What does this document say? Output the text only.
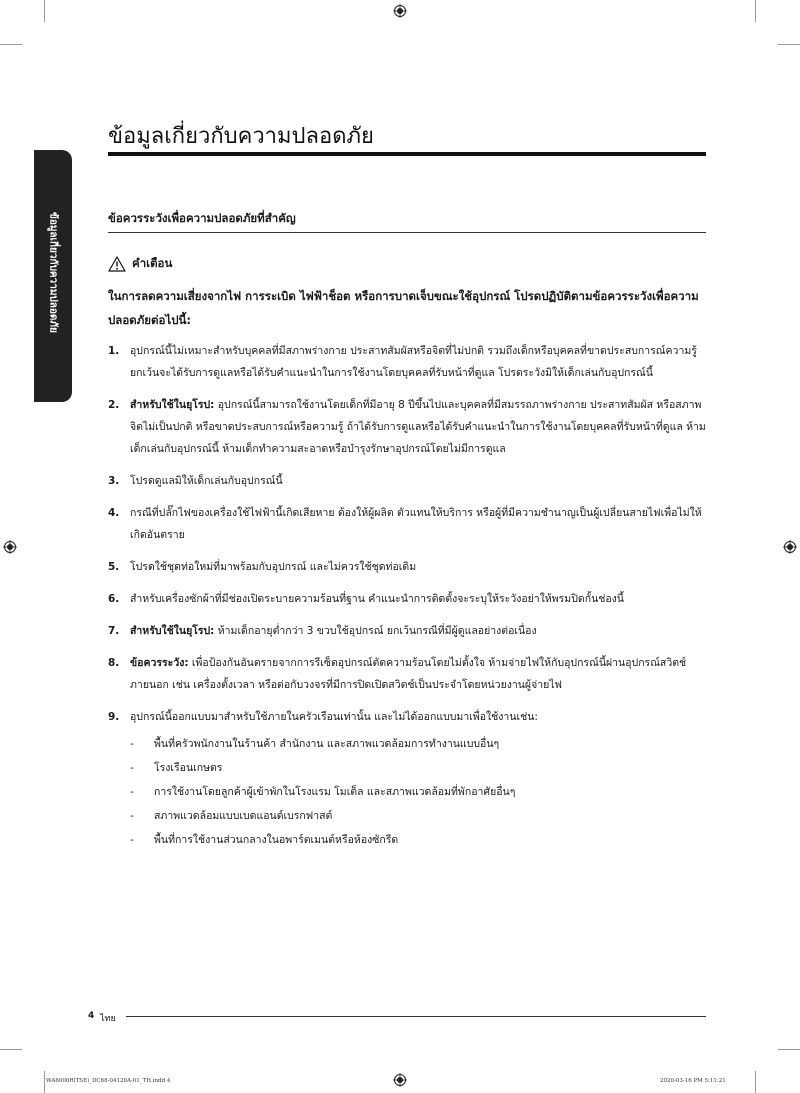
ข้อมูลเกี่ยวกับความปลอดภัย
ข้อมูลเกี่ยวกับความปลอดภัย
ข้อควรระวังเพื่อความปลอดภัยที่สำคัญ
คำเตือน

ในการลดความเสี่ยงจากไฟ การระเบิด ไฟฟ้าช็อต หรือการบาดเจ็บขณะใช้อุปกรณ์ โปรดปฏิบัติตามข้อควรระวังเพื่อความปลอดภัยต่อไปนี้:

1. อุปกรณ์นี้ไม่เหมาะสำหรับบุคคลที่มีสภาพร่างกาย ประสาทสัมผัสหรือจิตที่ไม่ปกติ รวมถึงเด็กหรือบุคคลที่ขาดประสบการณ์ความรู้ ยกเว้นจะได้รับการดูแลหรือได้รับคำแนะนำในการใช้งานโดยบุคคลที่รับหน้าที่ดูแล โปรดระวังมิให้เด็กเล่นกับอุปกรณ์นี้
2. สำหรับใช้ในยุโรป: อุปกรณ์นี้สามารถใช้งานโดยเด็กที่มีอายุ 8 ปีขึ้นไปและบุคคลที่มีสมรรถภาพร่างกาย ประสาทสัมผัส หรือสภาพจิตไม่เป็นปกติ หรือขาดประสบการณ์หรือความรู้ ถ้าได้รับการดูแลหรือได้รับคำแนะนำในการใช้งานโดยบุคคลที่รับหน้าที่ดูแล ห้ามเด็กเล่นกับอุปกรณ์นี้ ห้ามเด็กทำความสะอาดหรือบำรุงรักษาอุปกรณ์โดยไม่มีการดูแล
3. โปรดดูแลมิให้เด็กเล่นกับอุปกรณ์นี้
4. กรณีที่ปลั๊กไฟของเครื่องใช้ไฟฟ้านี้เกิดเสียหาย ต้องให้ผู้ผลิต ตัวแทนให้บริการ หรือผู้ที่มีความชำนาญเป็นผู้เปลี่ยนสายไฟเพื่อไม่ให้เกิดอันตราย
5. โปรดใช้ชุดท่อใหม่ที่มาพร้อมกับอุปกรณ์ และไม่ควรใช้ชุดท่อเดิม
6. สำหรับเครื่องซักผ้าที่มีช่องเปิดระบายความร้อนที่ฐาน คำแนะนำการติดตั้งจะระบุให้ระวังอย่าให้พรมปิดกั้นช่องนี้
7. สำหรับใช้ในยุโรป: ห้ามเด็กอายุต่ำกว่า 3 ขวบใช้อุปกรณ์ ยกเว้นกรณีที่มีผู้ดูแลอย่างต่อเนื่อง
8. ข้อควรระวัง: เพื่อป้องกันอันตรายจากการรีเซ็ตอุปกรณ์ตัดความร้อนโดยไม่ตั้งใจ ห้ามจ่ายไฟให้กับอุปกรณ์นี้ผ่านอุปกรณ์สวิตช์ภายนอก เช่น เครื่องตั้งเวลา หรือต่อกับวงจรที่มีการปิดเปิดสวิตช์เป็นประจำโดยหน่วยงานผู้จ่ายไฟ
9. อุปกรณ์นี้ออกแบบมาสำหรับใช้ภายในครัวเรือนเท่านั้น และไม่ได้ออกแบบมาเพื่อใช้งานเช่น:
- พื้นที่ครัวพนักงานในร้านค้า สำนักงาน และสภาพแวดล้อมการทำงานแบบอื่นๆ
- โรงเรือนเกษตร
- การใช้งานโดยลูกค้าผู้เข้าพักในโรงแรม โมเต็ล และสภาพแวดล้อมที่พักอาศัยอื่นๆ
- สภาพแวดล้อมแบบเบดแอนด์เบรกฟาสต์
- พื้นที่การใช้งานส่วนกลางในอพาร์ตเมนต์หรือห้องซักรีด
4 ไทย
WA6000R(TSE)_DC68-04120A-01_TH.indd 4	2020-03-16 PM 5:11:21
